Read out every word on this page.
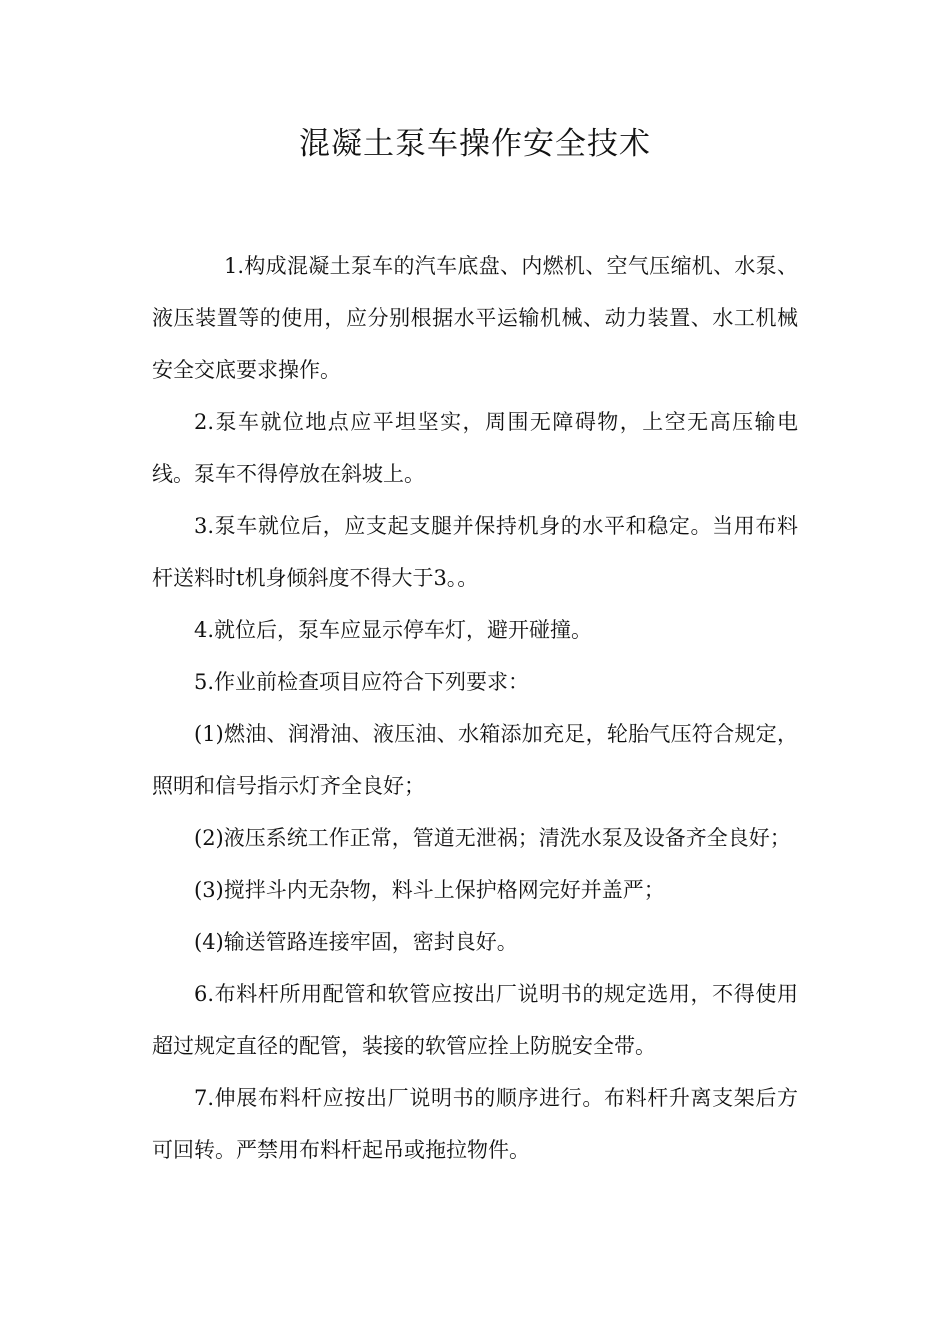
混凝土泵车操作安全技术

1.构成混凝土泵车的汽车底盘、内燃机、空气压缩机、水泵、液压装置等的使用，应分别根据水平运输机械、动力装置、水工机械安全交底要求操作。

2.泵车就位地点应平坦坚实，周围无障碍物，上空无高压输电线。泵车不得停放在斜坡上。

3.泵车就位后，应支起支腿并保持机身的水平和稳定。当用布料杆送料时t机身倾斜度不得大于3。。

4.就位后，泵车应显示停车灯，避开碰撞。

5.作业前检查项目应符合下列要求：

(1)燃油、润滑油、液压油、水箱添加充足，轮胎气压符合规定，照明和信号指示灯齐全良好；

(2)液压系统工作正常，管道无泄祸；清洗水泵及设备齐全良好；

(3)搅拌斗内无杂物，料斗上保护格网完好并盖严；

(4)输送管路连接牢固，密封良好。

6.布料杆所用配管和软管应按出厂说明书的规定选用，不得使用超过规定直径的配管，装接的软管应拴上防脱安全带。

7.伸展布料杆应按出厂说明书的顺序进行。布料杆升离支架后方可回转。严禁用布料杆起吊或拖拉物件。
